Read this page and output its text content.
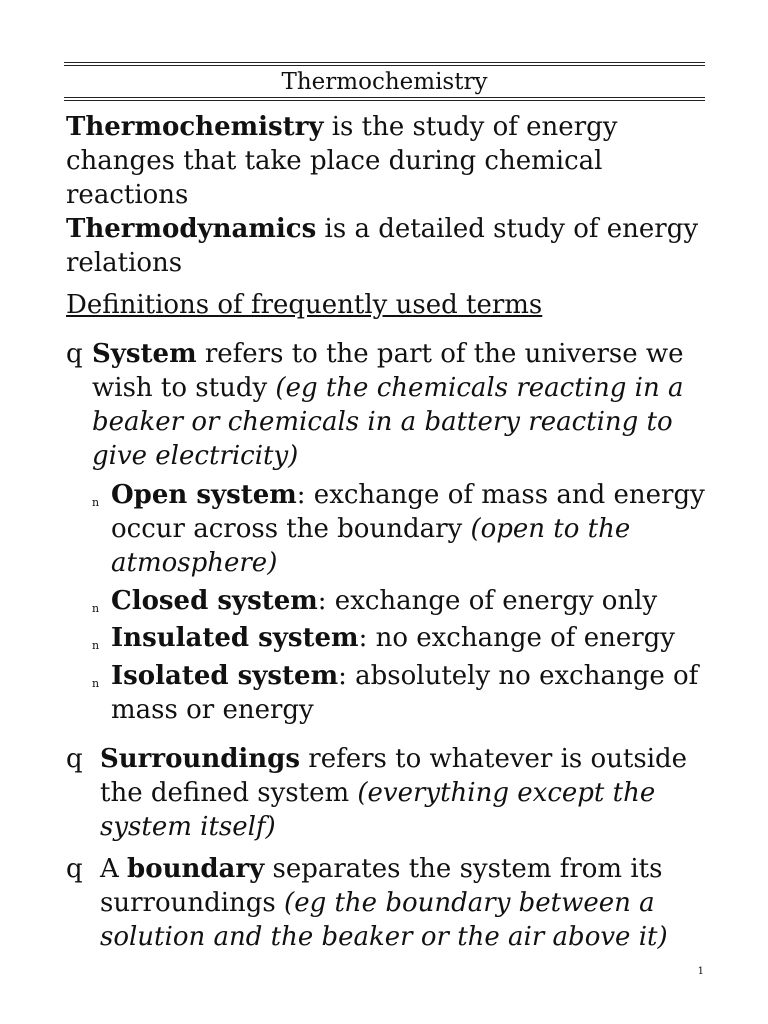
Thermochemistry
Thermochemistry is the study of energy
changes that take place during chemical
reactions
Thermodynamics is a detailed study of energy
relations
Definitions of frequently used terms
q System refers to the part of the universe we
wish to study (eg the chemicals reacting in a
beaker or chemicals in a battery reacting to
give electricity)
n Open system: exchange of mass and energy
occur across the boundary (open to the
atmosphere)
n Closed system: exchange of energy only
n Insulated system: no exchange of energy
n Isolated system: absolutely no exchange of
mass or energy
q Surroundings refers to whatever is outside
the defined system (everything except the
system itself)
q A boundary separates the system from its
surroundings (eg the boundary between a
solution and the beaker or the air above it)
1
